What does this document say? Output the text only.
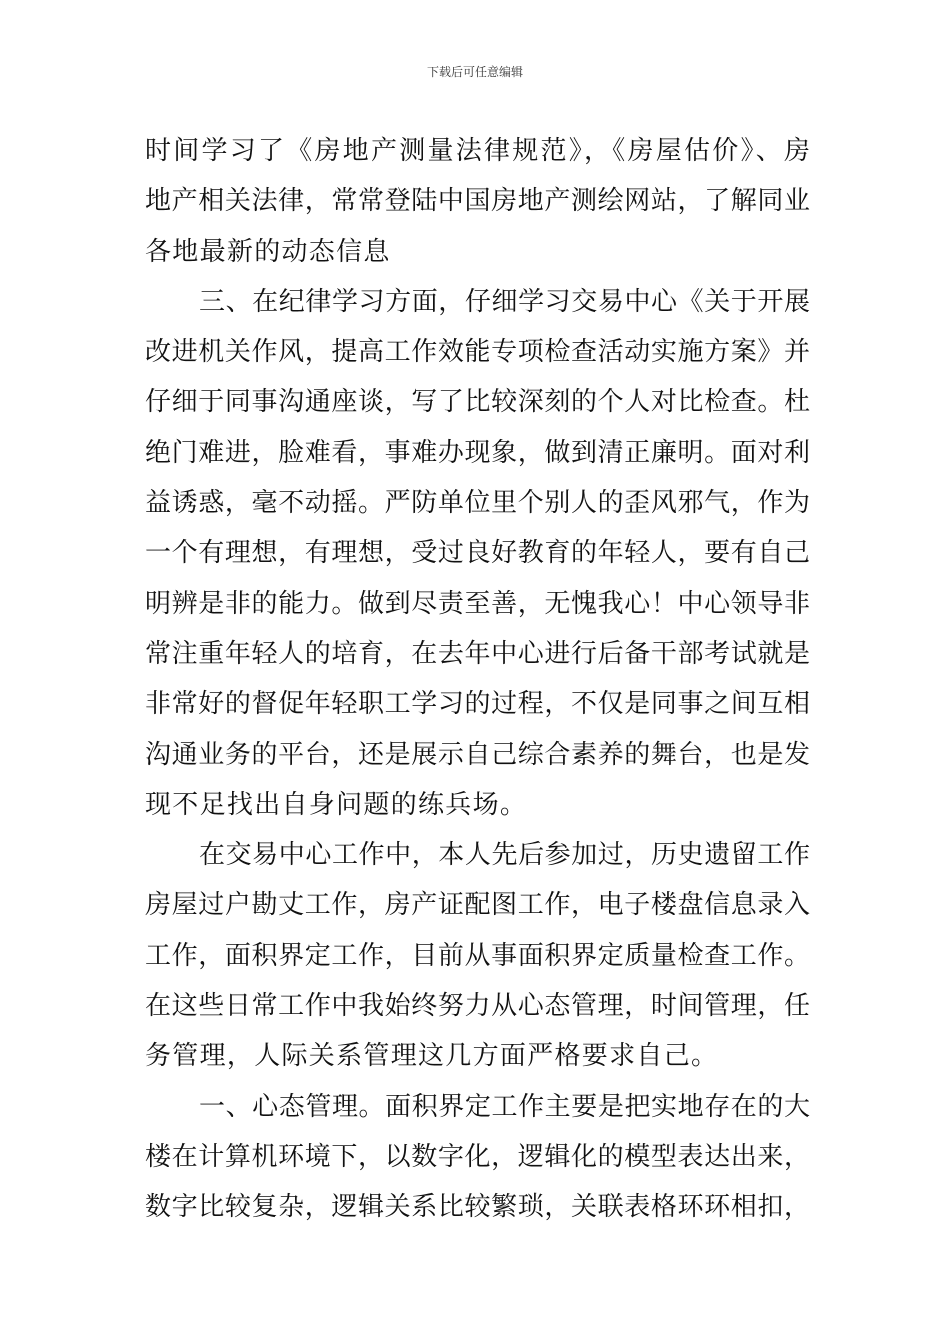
下载后可任意编辑
时间学习了《房地产测量法律规范》，《房屋估价》、房
地产相关法律，常常登陆中国房地产测绘网站，了解同业
各地最新的动态信息
三、在纪律学习方面，仔细学习交易中心《关于开展
改进机关作风，提高工作效能专项检查活动实施方案》并
仔细于同事沟通座谈，写了比较深刻的个人对比检查。杜
绝门难进，脸难看，事难办现象，做到清正廉明。面对利
益诱惑，毫不动摇。严防单位里个别人的歪风邪气，作为
一个有理想，有理想，受过良好教育的年轻人，要有自己
明辨是非的能力。做到尽责至善，无愧我心！中心领导非
常注重年轻人的培育，在去年中心进行后备干部考试就是
非常好的督促年轻职工学习的过程，不仅是同事之间互相
沟通业务的平台，还是展示自己综合素养的舞台，也是发
现不足找出自身问题的练兵场。
在交易中心工作中，本人先后参加过，历史遗留工作
房屋过户勘丈工作，房产证配图工作，电子楼盘信息录入
工作，面积界定工作，目前从事面积界定质量检查工作。
在这些日常工作中我始终努力从心态管理，时间管理，任
务管理，人际关系管理这几方面严格要求自己。
一、心态管理。面积界定工作主要是把实地存在的大
楼在计算机环境下，以数字化，逻辑化的模型表达出来，
数字比较复杂，逻辑关系比较繁琐，关联表格环环相扣，
